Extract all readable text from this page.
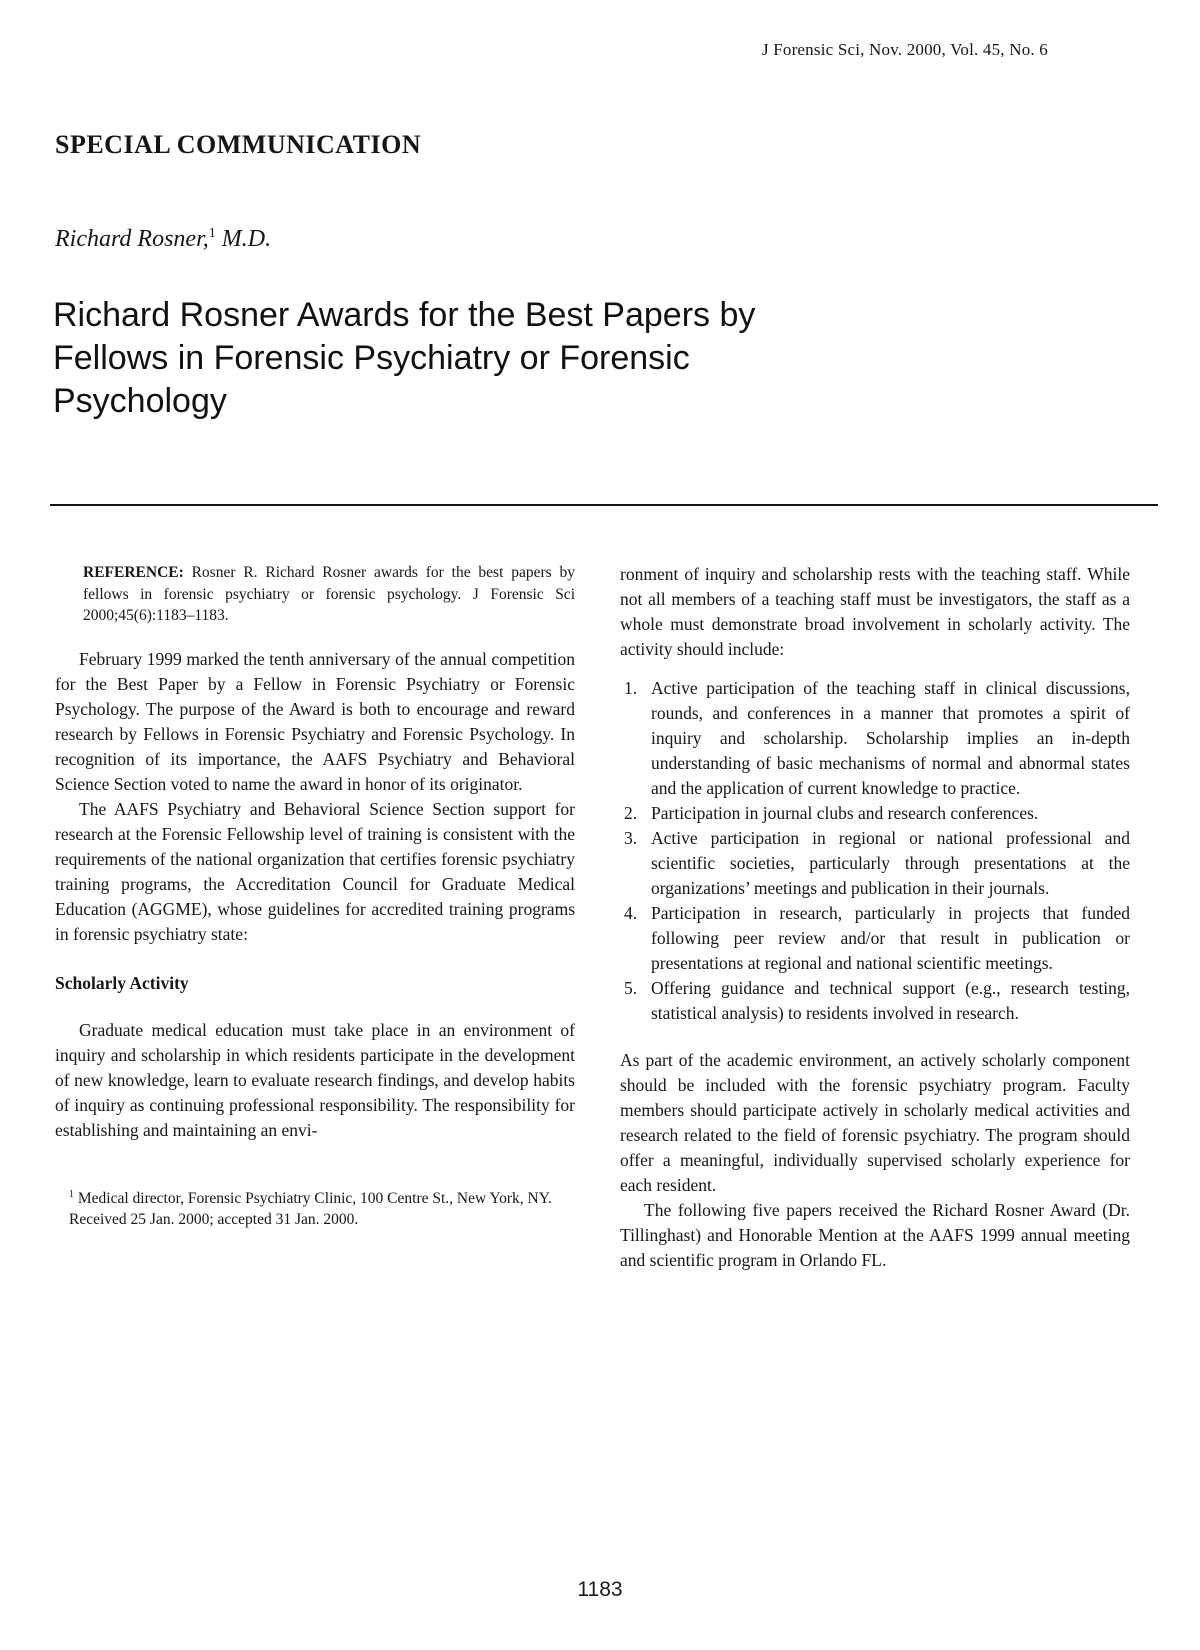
J Forensic Sci, Nov. 2000, Vol. 45, No. 6
SPECIAL COMMUNICATION
Richard Rosner,$^1$ M.D.
Richard Rosner Awards for the Best Papers by Fellows in Forensic Psychiatry or Forensic Psychology

REFERENCE: Rosner R. Richard Rosner awards for the best papers by fellows in forensic psychiatry or forensic psychology. J Forensic Sci 2000;45(6):1183–1183.

February 1999 marked the tenth anniversary of the annual competition for the Best Paper by a Fellow in Forensic Psychiatry or Forensic Psychology. The purpose of the Award is both to encourage and reward research by Fellows in Forensic Psychiatry and Forensic Psychology. In recognition of its importance, the AAFS Psychiatry and Behavioral Science Section voted to name the award in honor of its originator.

The AAFS Psychiatry and Behavioral Science Section support for research at the Forensic Fellowship level of training is consistent with the requirements of the national organization that certifies forensic psychiatry training programs, the Accreditation Council for Graduate Medical Education (AGGME), whose guidelines for accredited training programs in forensic psychiatry state:

Scholarly Activity

Graduate medical education must take place in an environment of inquiry and scholarship in which residents participate in the development of new knowledge, learn to evaluate research findings, and develop habits of inquiry as continuing professional responsibility. The responsibility for establishing and maintaining an envi-

ronment of inquiry and scholarship rests with the teaching staff. While not all members of a teaching staff must be investigators, the staff as a whole must demonstrate broad involvement in scholarly activity. The activity should include:

1. Active participation of the teaching staff in clinical discussions, rounds, and conferences in a manner that promotes a spirit of inquiry and scholarship. Scholarship implies an in-depth understanding of basic mechanisms of normal and abnormal states and the application of current knowledge to practice.
2. Participation in journal clubs and research conferences.
3. Active participation in regional or national professional and scientific societies, particularly through presentations at the organizations’ meetings and publication in their journals.
4. Participation in research, particularly in projects that funded following peer review and/or that result in publication or presentations at regional and national scientific meetings.
5. Offering guidance and technical support (e.g., research testing, statistical analysis) to residents involved in research.

As part of the academic environment, an actively scholarly component should be included with the forensic psychiatry program. Faculty members should participate actively in scholarly medical activities and research related to the field of forensic psychiatry. The program should offer a meaningful, individually supervised scholarly experience for each resident.

The following five papers received the Richard Rosner Award (Dr. Tillinghast) and Honorable Mention at the AAFS 1999 annual meeting and scientific program in Orlando FL.

$^1$ Medical director, Forensic Psychiatry Clinic, 100 Centre St., New York, NY.

Received 25 Jan. 2000; accepted 31 Jan. 2000.

1183
